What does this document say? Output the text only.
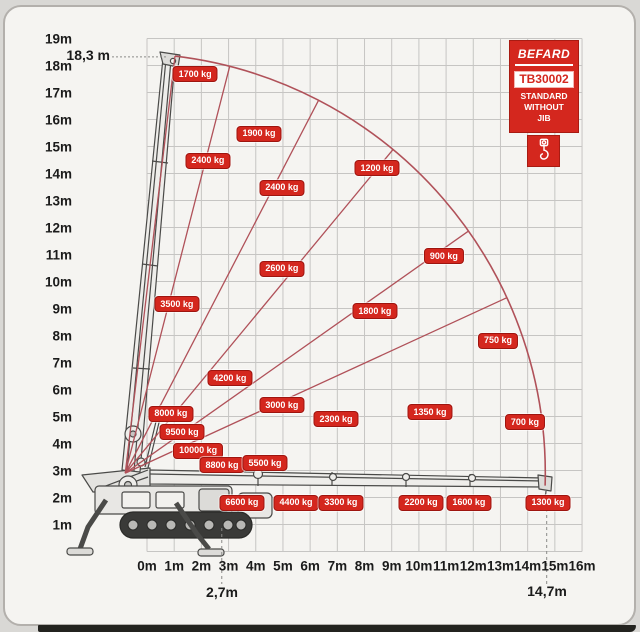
18,3 m
2,7m	14,7m
BEFARD
TB30002
STANDARD
WITHOUT
JIB
0m 1m 2m 3m 4m 5m 6m 7m 8m 9m 10m 11m 12m 13m 14m 15m 16m
19m
18m
17m
16m
15m
14m
13m
12m
11m
10m
9m
8m
7m
6m
5m
4m
3m
2m
1m
1700 kg
1900 kg
2400 kg
2400 kg
1200 kg
2600 kg
900 kg
3500 kg
1800 kg
750 kg
4200 kg
3000 kg
1350 kg
2300 kg	700 kg
8000 kg
9500 kg
10000 kg
8800 kg	5500 kg
6600 kg	4400 kg	3300 kg	2200 kg	1600 kg	1300 kg
